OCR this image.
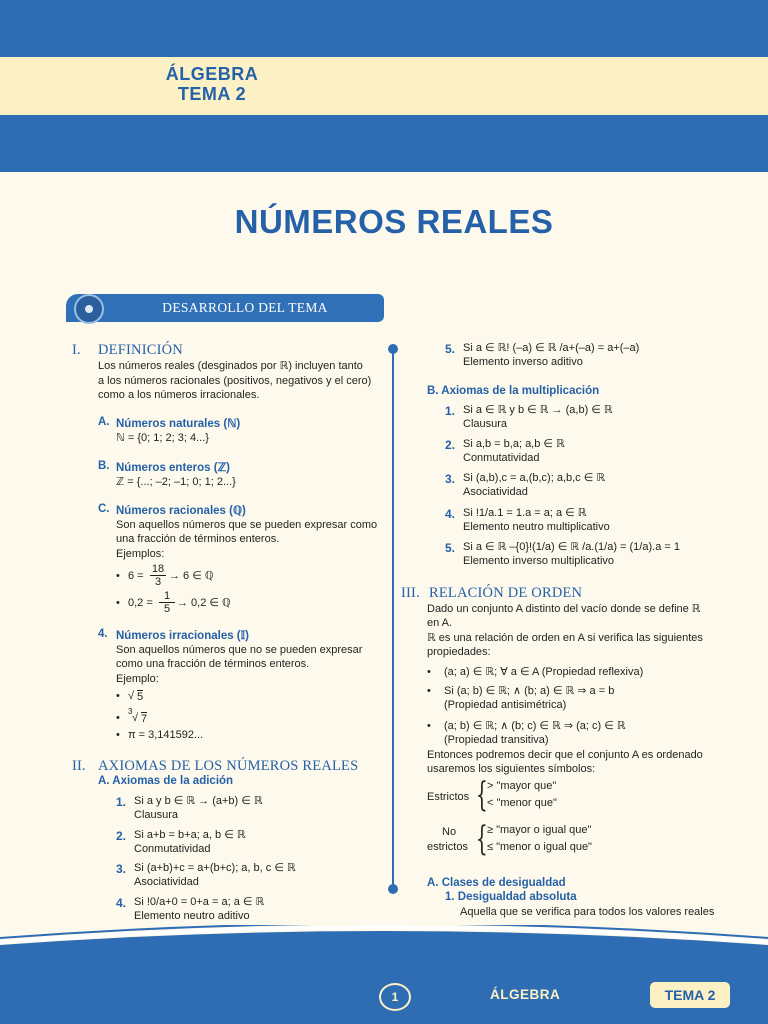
ÁLGEBRA
TEMA 2
NÚMEROS REALES
DESARROLLO DEL TEMA
I. DEFINICIÓN
Los números reales (desginados por ℝ) incluyen tanto
a los números racionales (positivos, negativos y el cero)
como a los números irracionales.
A. Números naturales (ℕ)
ℕ = {0; 1; 2; 3; 4...}
B. Números enteros (ℤ)
ℤ = {...; –2; –1; 0; 1; 2...}
C. Números racionales (ℚ)
Son aquellos números que se pueden expresar como
una fracción de términos enteros.
Ejemplos:
• $6 = \frac{18}{3} \to 6$ ∈ ℚ
• $0,2 = \frac{1}{5} \to 0,2$ ∈ ℚ
4. Números irracionales (𝕀)
Son aquellos números que no se pueden expresar
como una fracción de términos enteros.
Ejemplo:
• √ 5
•
3
√ 7
• π = 3,141592...
II. AXIOMAS DE LOS NÚMEROS REALES
A. Axiomas de la adición
1. Si a y b ∈ ℝ → (a+b) ∈ ℝ
Clausura
2. Si a+b = b+a; a, b ∈ ℝ
Conmutatividad
3. Si (a+b)+c = a+(b+c); a, b, c ∈ ℝ
Asociatividad
4. Si !0/a+0 = 0+a = a; a ∈ ℝ
Elemento neutro aditivo
5. Si a ∈ ℝ! (–a) ∈ ℝ /a+(–a) = a+(–a)
Elemento inverso aditivo
B. Axiomas de la multiplicación
1. Si a ∈ ℝ y b ∈ ℝ → (a,b) ∈ ℝ
Clausura
2. Si a,b = b,a; a,b ∈ ℝ
Conmutatividad
3. Si (a,b),c = a,(b,c); a,b,c ∈ ℝ
Asociatividad
4. Si !1/a.1 = 1.a = a; a ∈ ℝ
Elemento neutro multiplicativo
5. Si a ∈ ℝ –{0}!(1/a) ∈ ℝ /a.(1/a) = (1/a).a = 1
Elemento inverso multiplicativo
III. RELACIÓN DE ORDEN
Dado un conjunto A distinto del vacío donde se define ℝ
en A.
ℝ es una relación de orden en A si verifica las siguientes
propiedades:
• (a; a) ∈ ℝ; ∀ a ∈ A (Propiedad reflexiva)
• Si (a; b) ∈ ℝ; ∧ (b; a) ∈ ℝ ⇒ a = b
(Propiedad antisimétrica)
• (a; b) ∈ ℝ; ∧ (b; c) ∈ ℝ ⇒ (a; c) ∈ ℝ
(Propiedad transitiva)
Entonces podremos decir que el conjunto A es ordenado
usaremos los siguientes símbolos:
Estrictos { > "mayor que"
< "menor que"
No
estrictos { ≥ "mayor o igual que"
≤ "menor o igual que"
A. Clases de desigualdad
1. Desigualdad absoluta
Aquella que se verifica para todos los valores reales
1	ÁLGEBRA	TEMA 2
